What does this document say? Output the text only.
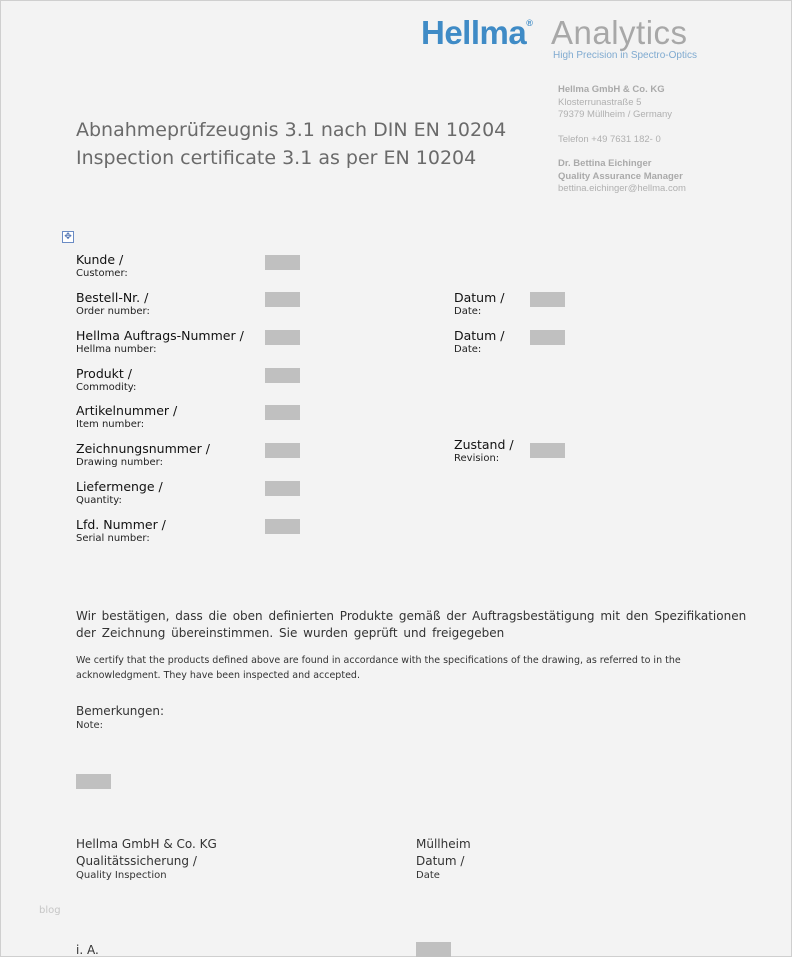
Hellma® Analytics
High Precision in Spectro-Optics
Hellma GmbH & Co. KG
Klosterrunastraße 5
79379 Müllheim / Germany
Telefon +49 7631 182- 0
Dr. Bettina Eichinger
Quality Assurance Manager
bettina.eichinger@hellma.com
Abnahmeprüfzeugnis 3.1 nach DIN EN 10204
Inspection certificate 3.1 as per EN 10204
✥
Kunde /
Customer:
Bestell-Nr. /
Order number:
Hellma Auftrags-Nummer /
Hellma number:
Produkt /
Commodity:
Artikelnummer /
Item number:
Zeichnungsnummer /
Drawing number:
Liefermenge /
Quantity:
Lfd. Nummer /
Serial number:
Datum /
Date:
Datum /
Date:
Zustand /
Revision:
Wir bestätigen, dass die oben definierten Produkte gemäß der Auftragsbestätigung mit den Spezifikationen der Zeichnung übereinstimmen. Sie wurden geprüft und freigegeben
We certify that the products defined above are found in accordance with the specifications of the drawing, as referred to in the acknowledgment. They have been inspected and accepted.
Bemerkungen:
Note:
Hellma GmbH & Co. KG
Qualitätssicherung /
Quality Inspection
Müllheim
Datum /
Date
blog
i. A.
